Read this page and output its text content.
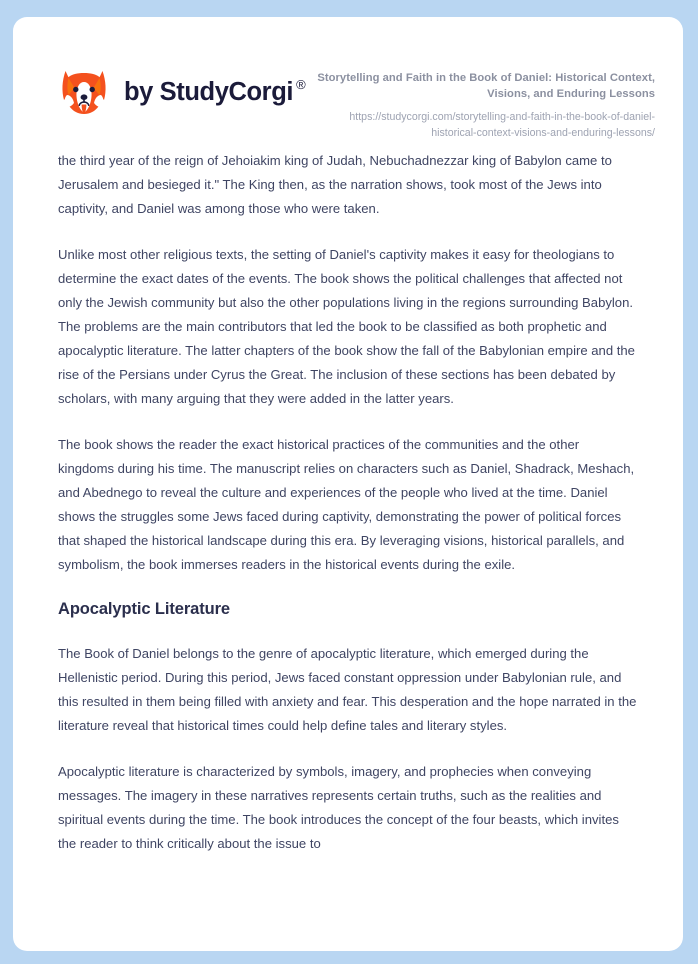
by StudyCorgi ® Storytelling and Faith in the Book of Daniel: Historical Context, Visions, and Enduring Lessons

https://studycorgi.com/storytelling-and-faith-in-the-book-of-daniel-historical-context-visions-and-enduring-lessons/

the third year of the reign of Jehoiakim king of Judah, Nebuchadnezzar king of Babylon came to Jerusalem and besieged it." The King then, as the narration shows, took most of the Jews into captivity, and Daniel was among those who were taken.

Unlike most other religious texts, the setting of Daniel's captivity makes it easy for theologians to determine the exact dates of the events. The book shows the political challenges that affected not only the Jewish community but also the other populations living in the regions surrounding Babylon. The problems are the main contributors that led the book to be classified as both prophetic and apocalyptic literature. The latter chapters of the book show the fall of the Babylonian empire and the rise of the Persians under Cyrus the Great. The inclusion of these sections has been debated by scholars, with many arguing that they were added in the latter years.

The book shows the reader the exact historical practices of the communities and the other kingdoms during his time. The manuscript relies on characters such as Daniel, Shadrack, Meshach, and Abednego to reveal the culture and experiences of the people who lived at the time. Daniel shows the struggles some Jews faced during captivity, demonstrating the power of political forces that shaped the historical landscape during this era. By leveraging visions, historical parallels, and symbolism, the book immerses readers in the historical events during the exile.

Apocalyptic Literature

The Book of Daniel belongs to the genre of apocalyptic literature, which emerged during the Hellenistic period. During this period, Jews faced constant oppression under Babylonian rule, and this resulted in them being filled with anxiety and fear. This desperation and the hope narrated in the literature reveal that historical times could help define tales and literary styles.

Apocalyptic literature is characterized by symbols, imagery, and prophecies when conveying messages. The imagery in these narratives represents certain truths, such as the realities and spiritual events during the time. The book introduces the concept of the four beasts, which invites the reader to think critically about the issue to
